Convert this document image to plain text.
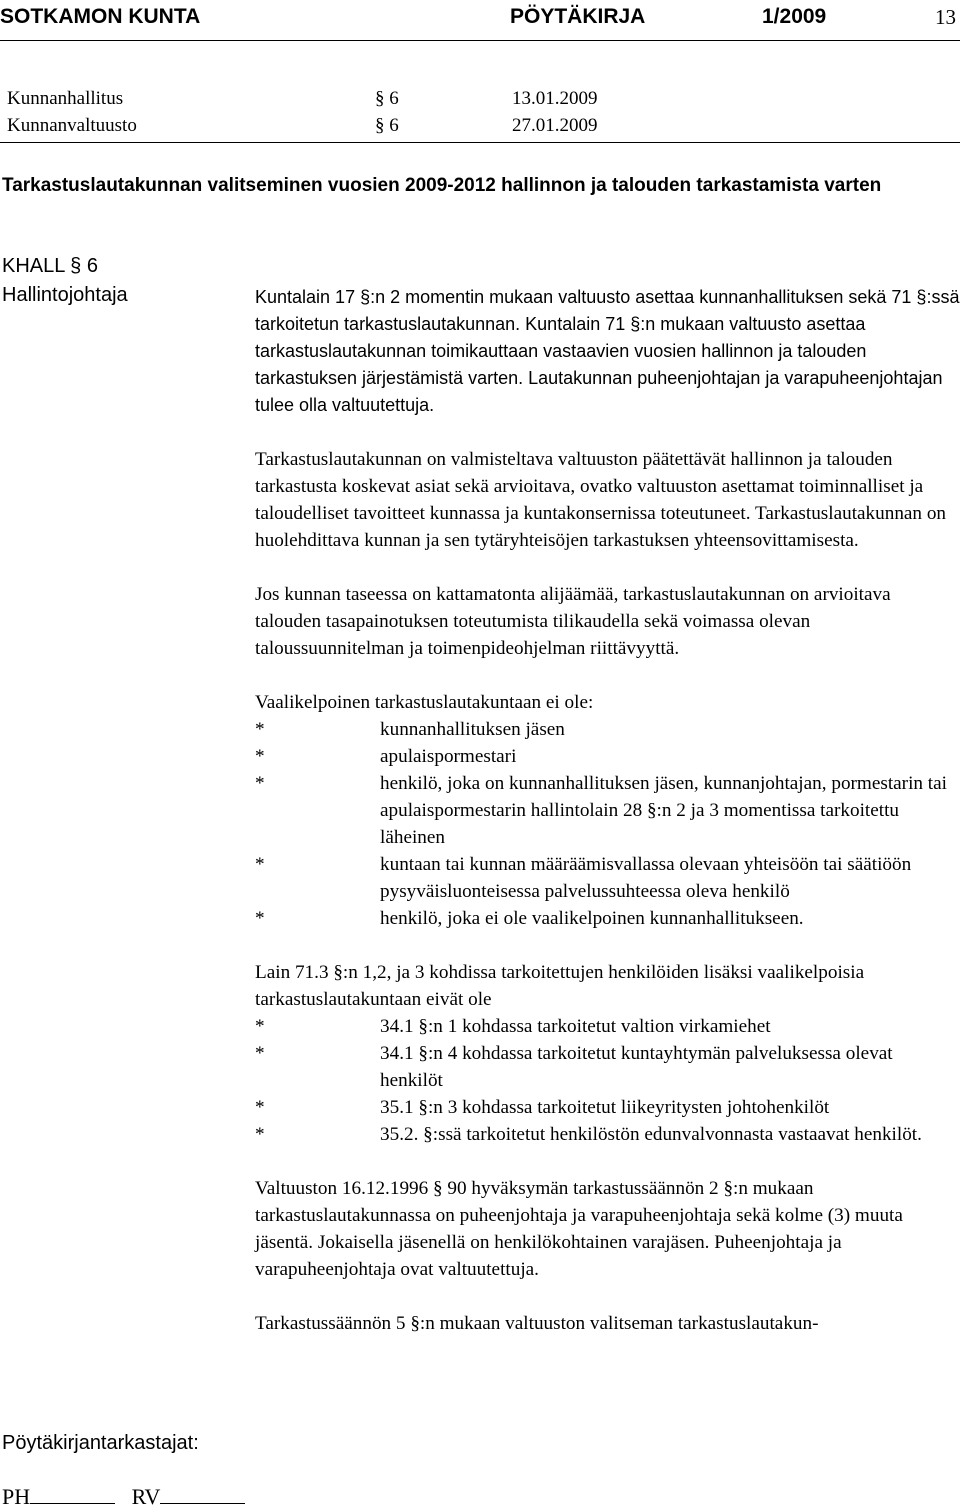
SOTKAMON KUNTA	PÖYTÄKIRJA	1/2009	13
Kunnanhallitus	§ 6	13.01.2009
Kunnanvaltuusto	§ 6	27.01.2009
Tarkastuslautakunnan valitseminen vuosien 2009-2012 hallinnon ja talouden tarkastamista varten
KHALL § 6
Hallintojohtaja	Kuntalain 17 §:n 2 momentin mukaan valtuusto asettaa kunnanhallituksen sekä 71 §:ssä tarkoitetun tarkastuslautakunnan. Kuntalain 71 §:n mukaan valtuusto asettaa tarkastuslautakunnan toimikauttaan vastaavien vuosien hallinnon ja talouden tarkastuksen järjestämistä varten. Lautakunnan puheenjohtajan ja varapuheenjohtajan tulee olla valtuutettuja.

Tarkastuslautakunnan on valmisteltava valtuuston päätettävät hallinnon ja talouden tarkastusta koskevat asiat sekä arvioitava, ovatko valtuuston asettamat toiminnalliset ja taloudelliset tavoitteet kunnassa ja kuntakonsernissa toteutuneet. Tarkastuslautakunnan on huolehdittava kunnan ja sen tytäryhteisöjen tarkastuksen yhteensovittamisesta.

Jos kunnan taseessa on kattamatonta alijäämää, tarkastuslautakunnan on arvioitava talouden tasapainotuksen toteutumista tilikaudella sekä voimassa olevan taloussuunnitelman ja toimenpideohjelman riittävyyttä.

Vaalikelpoinen tarkastuslautakuntaan ei ole:

*	kunnanhallituksen jäsen
*	apulaispormestari
*	henkilö, joka on kunnanhallituksen jäsen, kunnanjohtajan, pormestarin tai apulaispormestarin hallintolain 28 §:n 2 ja 3 momentissa tarkoitettu läheinen
*	kuntaan tai kunnan määräämisvallassa olevaan yhteisöön tai säätiöön pysyväisluonteisessa palvelussuhteessa oleva henkilö
*	henkilö, joka ei ole vaalikelpoinen kunnanhallitukseen.

Lain 71.3 §:n 1,2, ja 3 kohdissa tarkoitettujen henkilöiden lisäksi vaalikelpoisia tarkastuslautakuntaan eivät ole

*	34.1 §:n 1 kohdassa tarkoitetut valtion virkamiehet
*	34.1 §:n 4 kohdassa tarkoitetut kuntayhtymän palveluksessa olevat henkilöt
*	35.1 §:n 3 kohdassa tarkoitetut liikeyritysten johtohenkilöt
*	35.2. §:ssä tarkoitetut henkilöstön edunvalvonnasta vastaavat henkilöt.

Valtuuston 16.12.1996 § 90 hyväksymän tarkastussäännön 2 §:n mukaan tarkastuslautakunnassa on puheenjohtaja ja varapuheenjohtaja sekä kolme (3) muuta jäsentä. Jokaisella jäsenellä on henkilökohtainen varajäsen. Puheenjohtaja ja varapuheenjohtaja ovat valtuutettuja.

Tarkastussäännön 5 §:n mukaan valtuuston valitseman tarkastuslautakun-

Pöytäkirjantarkastajat:
PH	RV
